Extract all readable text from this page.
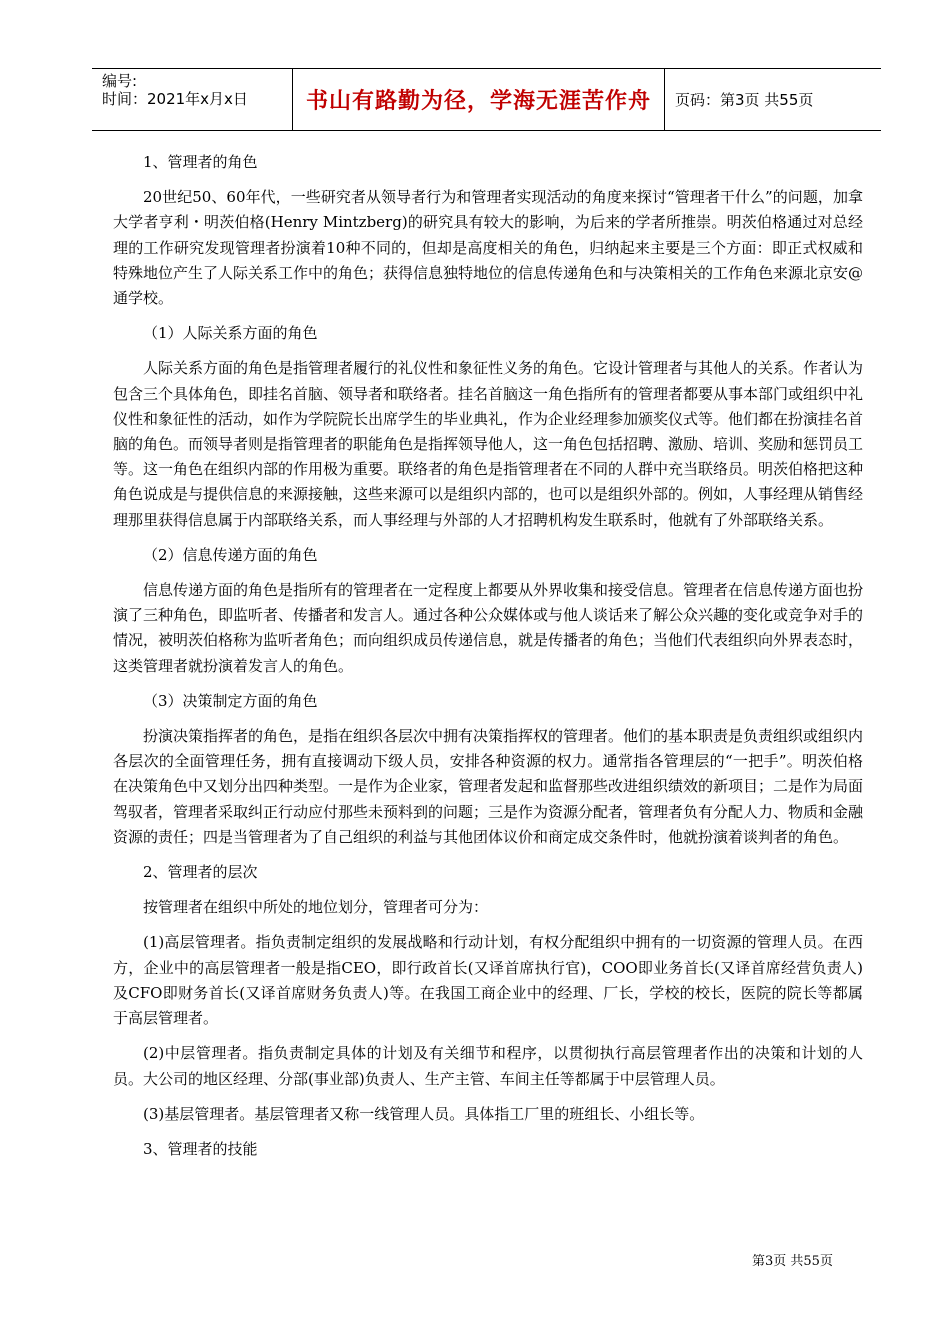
编号:
时间：2021年x月x日	书山有路勤为径，学海无涯苦作舟	页码：第3页 共55页
1、管理者的角色
20世纪50、60年代，一些研究者从领导者行为和管理者实现活动的角度来探讨“管理者干什么”的问题，加拿大学者亨利・明茨伯格(Henry Mintzberg)的研究具有较大的影响，为后来的学者所推崇。明茨伯格通过对总经理的工作研究发现管理者扮演着10种不同的，但却是高度相关的角色，归纳起来主要是三个方面：即正式权威和特殊地位产生了人际关系工作中的角色；获得信息独特地位的信息传递角色和与决策相关的工作角色来源北京安@通学校。
（1）人际关系方面的角色
人际关系方面的角色是指管理者履行的礼仪性和象征性义务的角色。它设计管理者与其他人的关系。作者认为包含三个具体角色，即挂名首脑、领导者和联络者。挂名首脑这一角色指所有的管理者都要从事本部门或组织中礼仪性和象征性的活动，如作为学院院长出席学生的毕业典礼，作为企业经理参加颁奖仪式等。他们都在扮演挂名首脑的角色。而领导者则是指管理者的职能角色是指挥领导他人，这一角色包括招聘、激励、培训、奖励和惩罚员工等。这一角色在组织内部的作用极为重要。联络者的角色是指管理者在不同的人群中充当联络员。明茨伯格把这种角色说成是与提供信息的来源接触，这些来源可以是组织内部的，也可以是组织外部的。例如，人事经理从销售经理那里获得信息属于内部联络关系，而人事经理与外部的人才招聘机构发生联系时，他就有了外部联络关系。
（2）信息传递方面的角色
信息传递方面的角色是指所有的管理者在一定程度上都要从外界收集和接受信息。管理者在信息传递方面也扮演了三种角色，即监听者、传播者和发言人。通过各种公众媒体或与他人谈话来了解公众兴趣的变化或竞争对手的情况，被明茨伯格称为监听者角色；而向组织成员传递信息，就是传播者的角色；当他们代表组织向外界表态时，这类管理者就扮演着发言人的角色。
（3）决策制定方面的角色
扮演决策指挥者的角色，是指在组织各层次中拥有决策指挥权的管理者。他们的基本职责是负责组织或组织内各层次的全面管理任务，拥有直接调动下级人员，安排各种资源的权力。通常指各管理层的“一把手”。明茨伯格在决策角色中又划分出四种类型。一是作为企业家，管理者发起和监督那些改进组织绩效的新项目；二是作为局面驾驭者，管理者采取纠正行动应付那些未预料到的问题；三是作为资源分配者，管理者负有分配人力、物质和金融资源的责任；四是当管理者为了自己组织的利益与其他团体议价和商定成交条件时，他就扮演着谈判者的角色。
2、管理者的层次
按管理者在组织中所处的地位划分，管理者可分为：
(1)高层管理者。指负责制定组织的发展战略和行动计划，有权分配组织中拥有的一切资源的管理人员。在西方，企业中的高层管理者一般是指CEO，即行政首长(又译首席执行官)，COO即业务首长(又译首席经营负责人)及CFO即财务首长(又译首席财务负责人)等。在我国工商企业中的经理、厂长，学校的校长，医院的院长等都属于高层管理者。
(2)中层管理者。指负责制定具体的计划及有关细节和程序，以贯彻执行高层管理者作出的决策和计划的人员。大公司的地区经理、分部(事业部)负责人、生产主管、车间主任等都属于中层管理人员。
(3)基层管理者。基层管理者又称一线管理人员。具体指工厂里的班组长、小组长等。
3、管理者的技能
第3页 共55页
